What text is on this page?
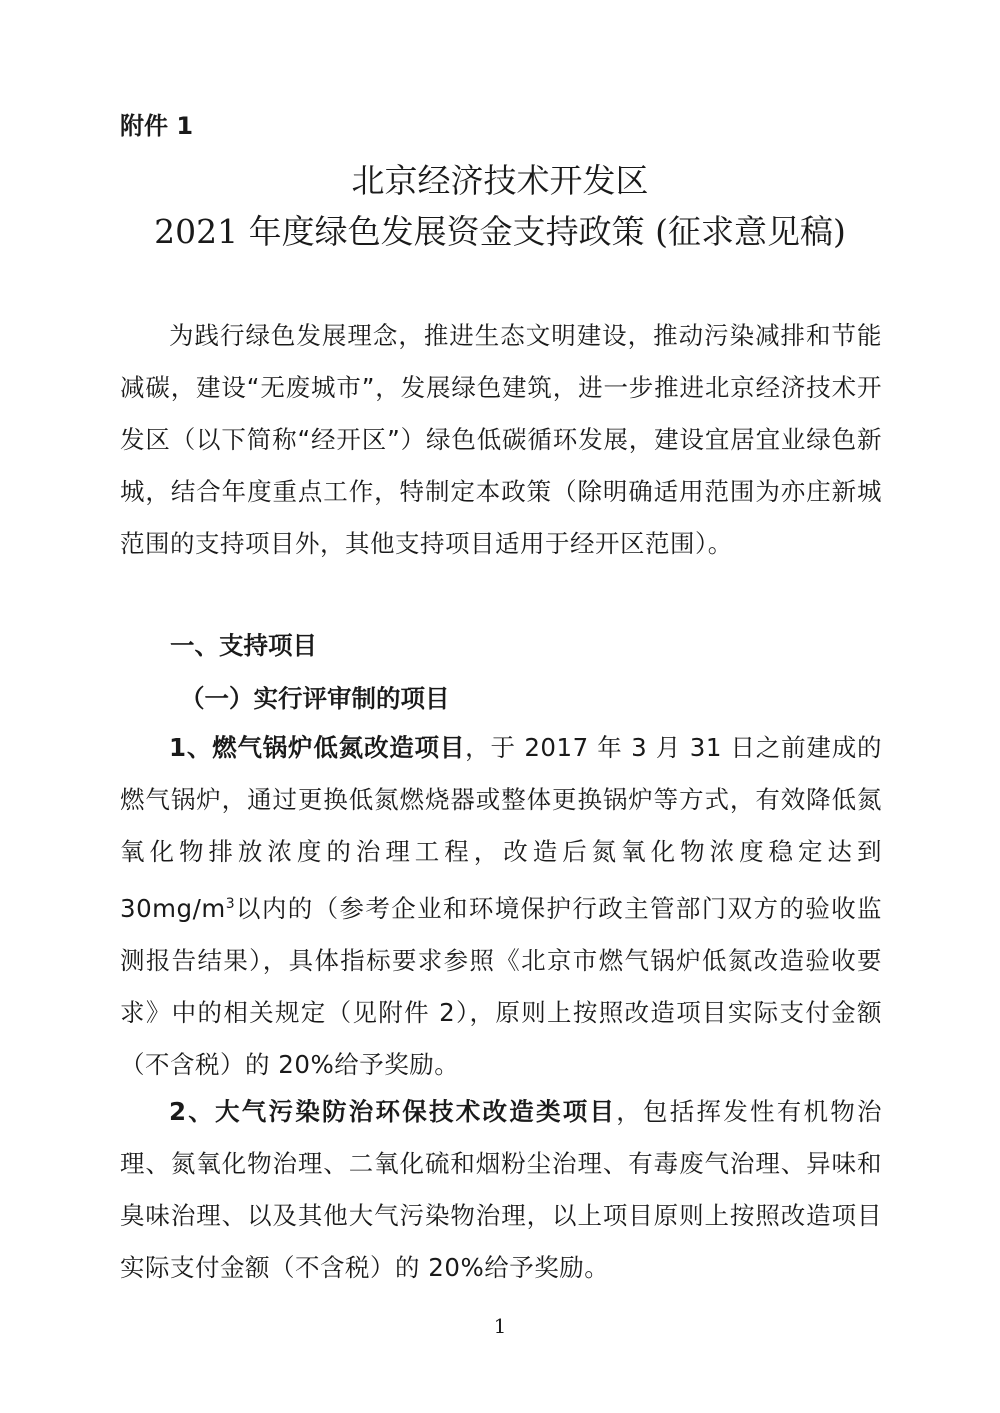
附件 1
北京经济技术开发区
2021 年度绿色发展资金支持政策 (征求意见稿)
为践行绿色发展理念，推进生态文明建设，推动污染减排和节能减碳，建设“无废城市”，发展绿色建筑，进一步推进北京经济技术开发区（以下简称“经开区”）绿色低碳循环发展，建设宜居宜业绿色新城，结合年度重点工作，特制定本政策（除明确适用范围为亦庄新城范围的支持项目外，其他支持项目适用于经开区范围）。
一、支持项目
（一）实行评审制的项目
1、燃气锅炉低氮改造项目，于 2017 年 3 月 31 日之前建成的燃气锅炉，通过更换低氮燃烧器或整体更换锅炉等方式，有效降低氮氧化物排放浓度的治理工程，改造后氮氧化物浓度稳定达到 $30mg/m^3$以内的（参考企业和环境保护行政主管部门双方的验收监测报告结果），具体指标要求参照《北京市燃气锅炉低氮改造验收要求》中的相关规定（见附件 2），原则上按照改造项目实际支付金额（不含税）的 20%给予奖励。
2、大气污染防治环保技术改造类项目，包括挥发性有机物治理、氮氧化物治理、二氧化硫和烟粉尘治理、有毒废气治理、异味和臭味治理、以及其他大气污染物治理，以上项目原则上按照改造项目实际支付金额（不含税）的 20%给予奖励。
1
